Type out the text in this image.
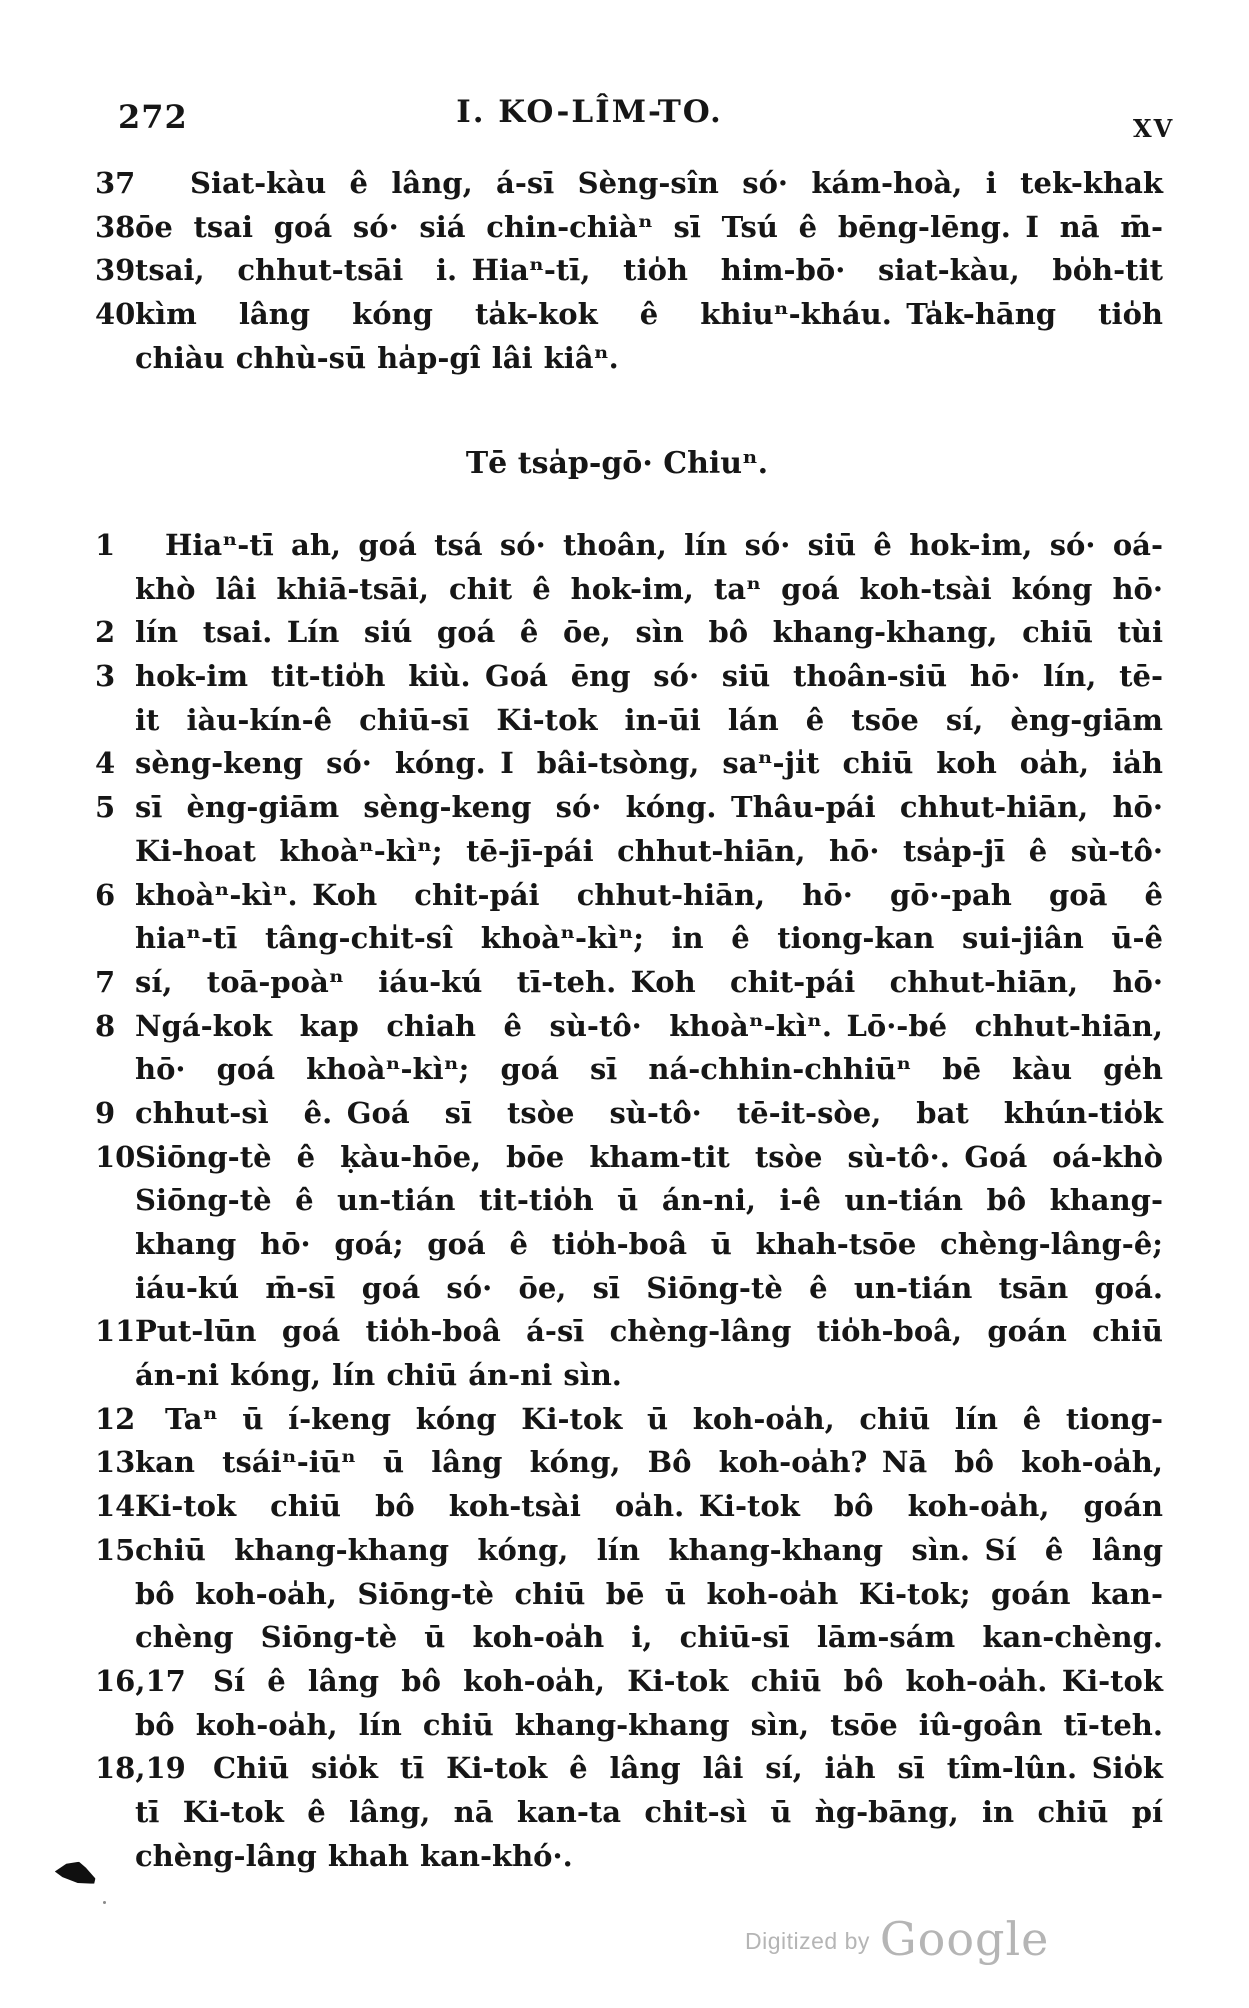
272	I. KO-LÎM-TO.	XV
37	Siat-kàu ê lâng, á-sī Sèng-sîn só· kám-hoà, i tek-khak
38 ōe tsai goá só· siá chin-chiàⁿ sī Tsú ê bēng-lēng. I nā m̄-
39 tsai, chhut-tsāi i. Hiaⁿ-tī, tio̍h him-bō· siat-kàu, bo̍h-tit
40 kìm lâng kóng ta̍k-kok ê khiuⁿ-kháu. Ta̍k-hāng tio̍h
chiàu chhù-sū ha̍p-gî lâi kiâⁿ.
Tē tsa̍p-gō· Chiuⁿ.
1	Hiaⁿ-tī ah, goá tsá só· thoân, lín só· siū ê hok-im, só· oá-
khò lâi khiā-tsāi, chit ê hok-im, taⁿ goá koh-tsài kóng hō·
2 lín tsai. Lín siú goá ê ōe, sìn bô khang-khang, chiū tùi
3 hok-im tit-tio̍h kiù. Goá ēng só· siū thoân-siū hō· lín, tē-
it iàu-kín-ê chiū-sī Ki-tok in-ūi lán ê tsōe sí, èng-giām
4 sèng-keng só· kóng. I bâi-tsòng, saⁿ-ji̍t chiū koh oa̍h, ia̍h
5 sī èng-giām sèng-keng só· kóng. Thâu-pái chhut-hiān, hō·
Ki-hoat khoàⁿ-kìⁿ; tē-jī-pái chhut-hiān, hō· tsa̍p-jī ê sù-tô·
6 khoàⁿ-kìⁿ. Koh chit-pái chhut-hiān, hō· gō·-pah goā ê
hiaⁿ-tī tâng-chi̍t-sî khoàⁿ-kìⁿ; in ê tiong-kan sui-jiân ū-ê
7 sí, toā-poàⁿ iáu-kú tī-teh. Koh chit-pái chhut-hiān, hō·
8 Ngá-kok kap chiah ê sù-tô· khoàⁿ-kìⁿ. Lō·-bé chhut-hiān,
hō· goá khoàⁿ-kìⁿ; goá sī ná-chhin-chhiūⁿ bē kàu ge̍h
9 chhut-sì ê. Goá sī tsòe sù-tô· tē-it-sòe, bat khún-tio̍k
10 Siōng-tè ê ḳàu-hōe, bōe kham-tit tsòe sù-tô·. Goá oá-khò
Siōng-tè ê un-tián tit-tio̍h ū án-ni, i-ê un-tián bô khang-
khang hō· goá; goá ê tio̍h-boâ ū khah-tsōe chèng-lâng-ê;
iáu-kú m̄-sī goá só· ōe, sī Siōng-tè ê un-tián tsān goá.
11 Put-lūn goá tio̍h-boâ á-sī chèng-lâng tio̍h-boâ, goán chiū
án-ni kóng, lín chiū án-ni sìn.
12	Taⁿ ū í-keng kóng Ki-tok ū koh-oa̍h, chiū lín ê tiong-
13 kan tsáiⁿ-iūⁿ ū lâng kóng, Bô koh-oa̍h? Nā bô koh-oa̍h,
14 Ki-tok chiū bô koh-tsài oa̍h. Ki-tok bô koh-oa̍h, goán
15 chiū khang-khang kóng, lín khang-khang sìn. Sí ê lâng
bô koh-oa̍h, Siōng-tè chiū bē ū koh-oa̍h Ki-tok; goán kan-
chèng Siōng-tè ū koh-oa̍h i, chiū-sī lām-sám kan-chèng.
16,17 Sí ê lâng bô koh-oa̍h, Ki-tok chiū bô koh-oa̍h. Ki-tok
bô koh-oa̍h, lín chiū khang-khang sìn, tsōe iû-goân tī-teh.
18,19 Chiū sio̍k tī Ki-tok ê lâng lâi sí, ia̍h sī tîm-lûn. Sio̍k
tī Ki-tok ê lâng, nā kan-ta chit-sì ū ǹg-bāng, in chiū pí
chèng-lâng khah kan-khó·.
Digitized by Google
